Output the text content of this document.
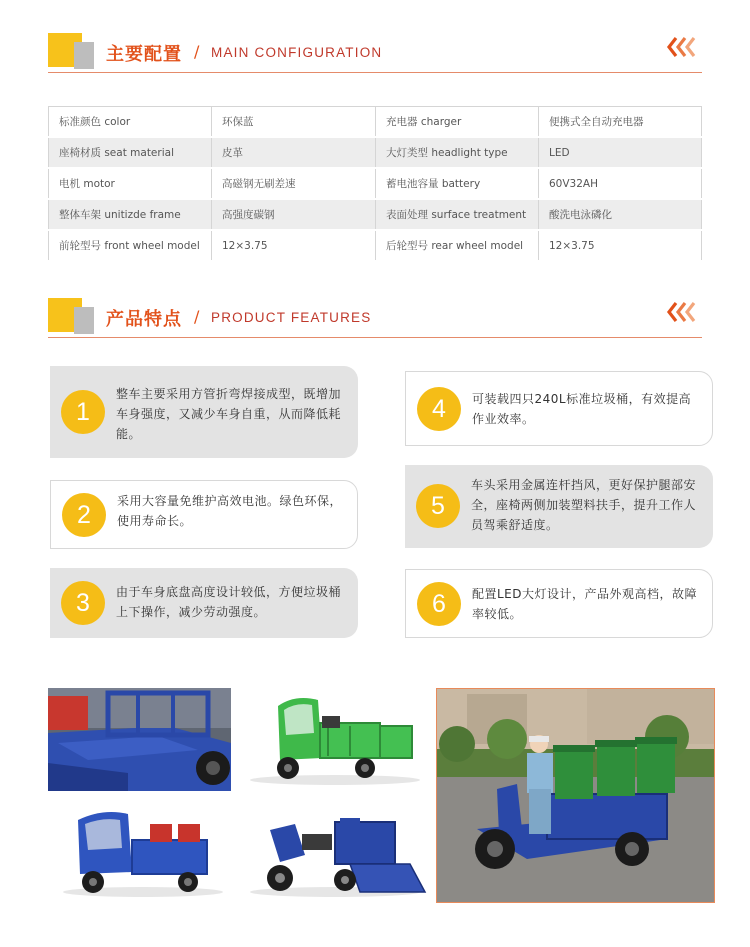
主要配置 / MAIN CONFIGURATION
标准颜色 color	环保蓝	充电器 charger	便携式全自动充电器
座椅材质 seat material	皮革	大灯类型 headlight type	LED
电机 motor	高磁钢无刷差速	蓄电池容量 battery	60V32AH
整体车架 unitizde frame	高强度碳钢	表面处理 surface treatment	酸洗电泳磷化
前轮型号 front wheel model	12×3.75	后轮型号 rear wheel model	12×3.75
产品特点 / PRODUCT FEATURES
1
整车主要采用方管折弯焊接成型，既增加车身强度，又减少车身自重，从而降低耗能。
2	采用大容量免维护高效电池。绿色环保，使用寿命长。
3	由于车身底盘高度设计较低，方便垃圾桶上下操作，减少劳动强度。
4	可装载四只240L标准垃圾桶，有效提高作业效率。
5
车头采用金属连杆挡风，更好保护腿部安全，座椅两侧加装塑料扶手，提升工作人员驾乘舒适度。
6	配置LED大灯设计，产品外观高档，故障率较低。
